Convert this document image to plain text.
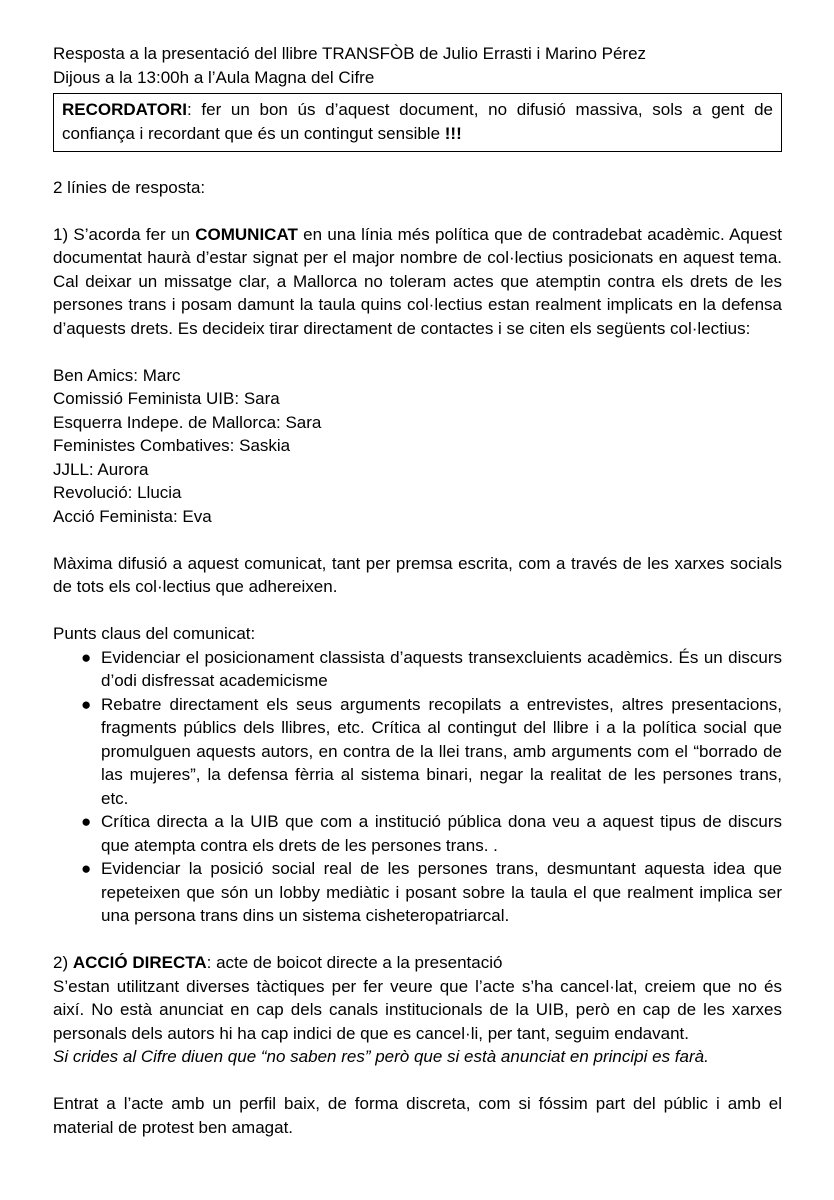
Resposta a la presentació del llibre TRANSFÒB de Julio Errasti i Marino Pérez

Dijous a la 13:00h a l’Aula Magna del Cifre

RECORDATORI: fer un bon ús d’aquest document, no difusió massiva, sols a gent de confiança i recordant que és un contingut sensible !!!

2 línies de resposta:

1) S’acorda fer un COMUNICAT en una línia més política que de contradebat acadèmic. Aquest documentat haurà d’estar signat per el major nombre de col·lectius posicionats en aquest tema. Cal deixar un missatge clar, a Mallorca no toleram actes que atemptin contra els drets de les persones trans i posam damunt la taula quins col·lectius estan realment implicats en la defensa d’aquests drets. Es decideix tirar directament de contactes i se citen els següents col·lectius:

Ben Amics: Marc

Comissió Feminista UIB: Sara

Esquerra Indepe. de Mallorca: Sara

Feministes Combatives: Saskia

JJLL: Aurora

Revolució: Llucia

Acció Feminista: Eva

Màxima difusió a aquest comunicat, tant per premsa escrita, com a través de les xarxes socials de tots els col·lectius que adhereixen.

Punts claus del comunicat:

● Evidenciar el posicionament classista d’aquests transexcluients acadèmics. És un discurs d’odi disfressat academicisme
● Rebatre directament els seus arguments recopilats a entrevistes, altres presentacions, fragments públics dels llibres, etc. Crítica al contingut del llibre i a la política social que promulguen aquests autors, en contra de la llei trans, amb arguments com el “borrado de las mujeres”, la defensa fèrria al sistema binari, negar la realitat de les persones trans, etc.
● Crítica directa a la UIB que com a institució pública dona veu a aquest tipus de discurs que atempta contra els drets de les persones trans. .
● Evidenciar la posició social real de les persones trans, desmuntant aquesta idea que repeteixen que són un lobby mediàtic i posant sobre la taula el que realment implica ser una persona trans dins un sistema cisheteropatriarcal.

2) ACCIÓ DIRECTA: acte de boicot directe a la presentació

S’estan utilitzant diverses tàctiques per fer veure que l’acte s’ha cancel·lat, creiem que no és així. No està anunciat en cap dels canals institucionals de la UIB, però en cap de les xarxes personals dels autors hi ha cap indici de que es cancel·li, per tant, seguim endavant.

Si crides al Cifre diuen que “no saben res” però que si està anunciat en principi es farà.

Entrat a l’acte amb un perfil baix, de forma discreta, com si fóssim part del públic i amb el material de protest ben amagat.
